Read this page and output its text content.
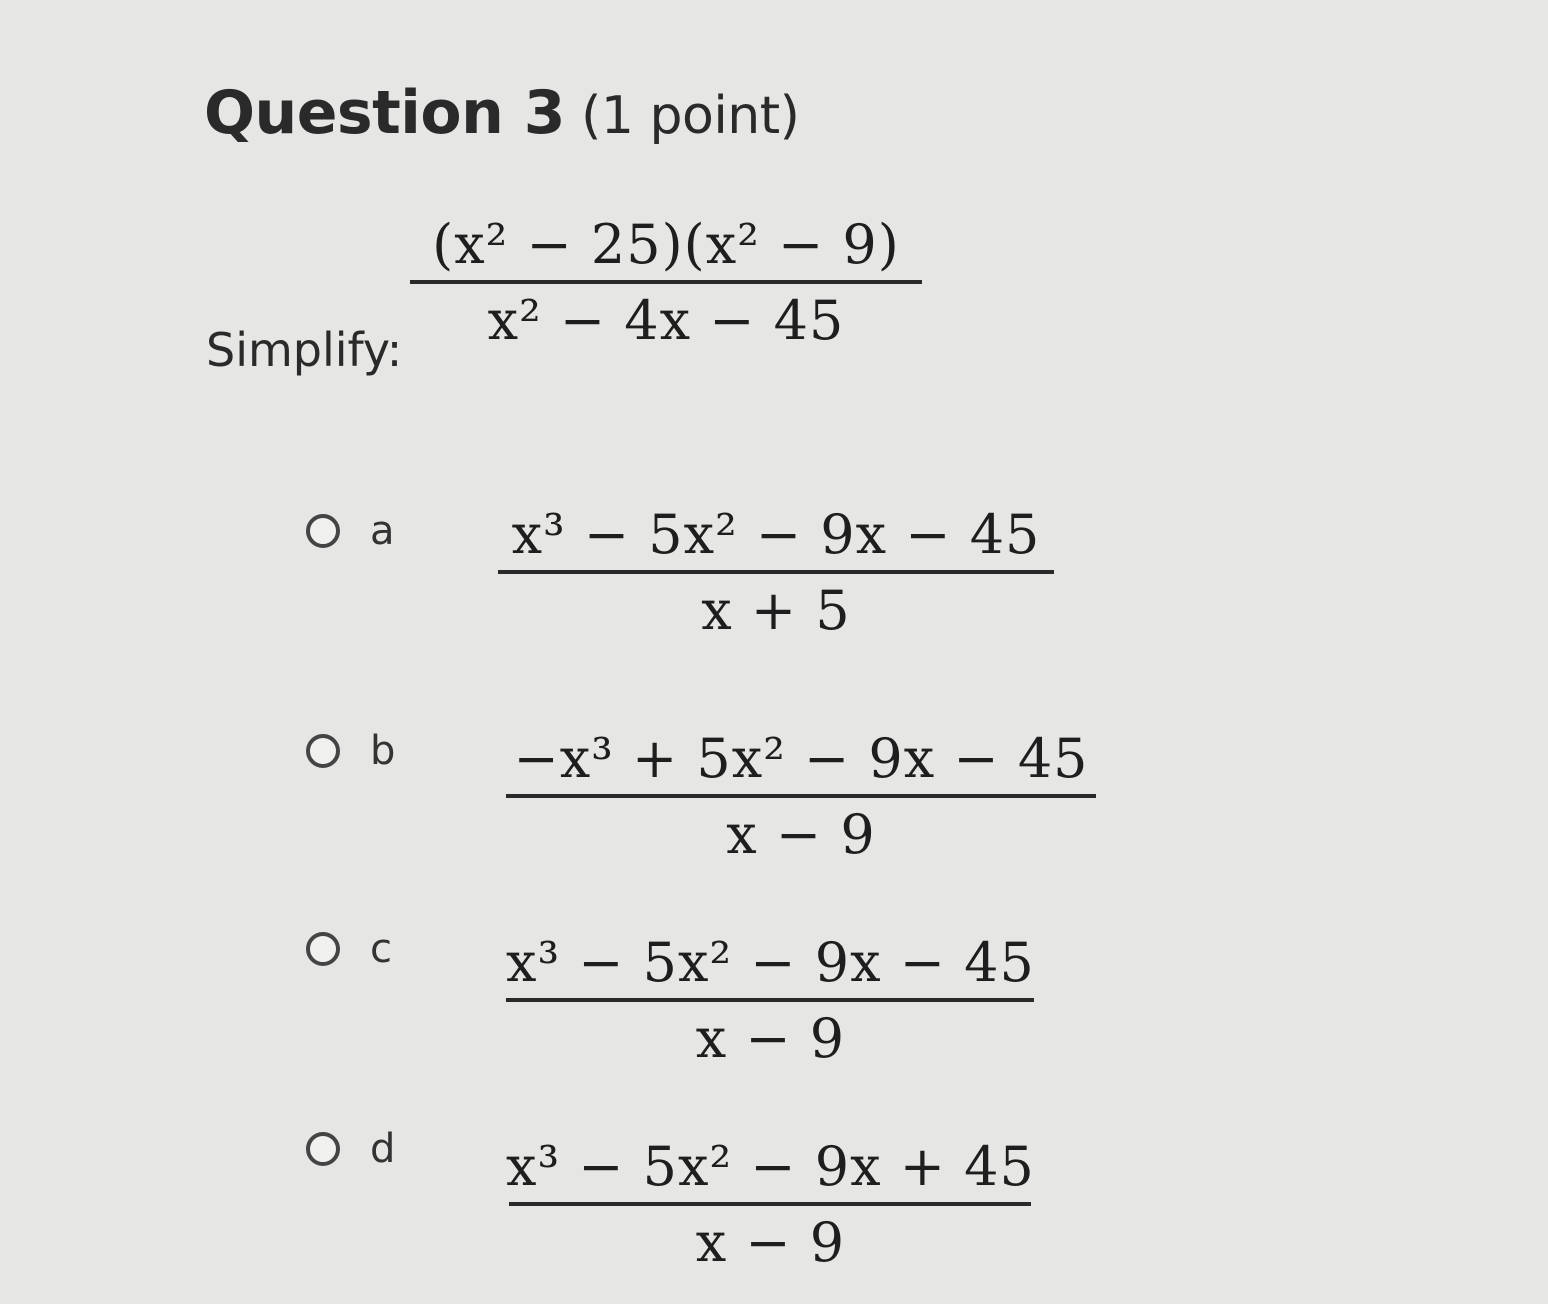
Question 3 (1 point)
Simplify:
(x² − 25)(x² − 9)
x² − 4x − 45
a x³ − 5x² − 9x − 45
x + 5
b −x³ + 5x² − 9x − 45
x − 9
c x³ − 5x² − 9x − 45
x − 9
d x³ − 5x² − 9x + 45
x − 9
